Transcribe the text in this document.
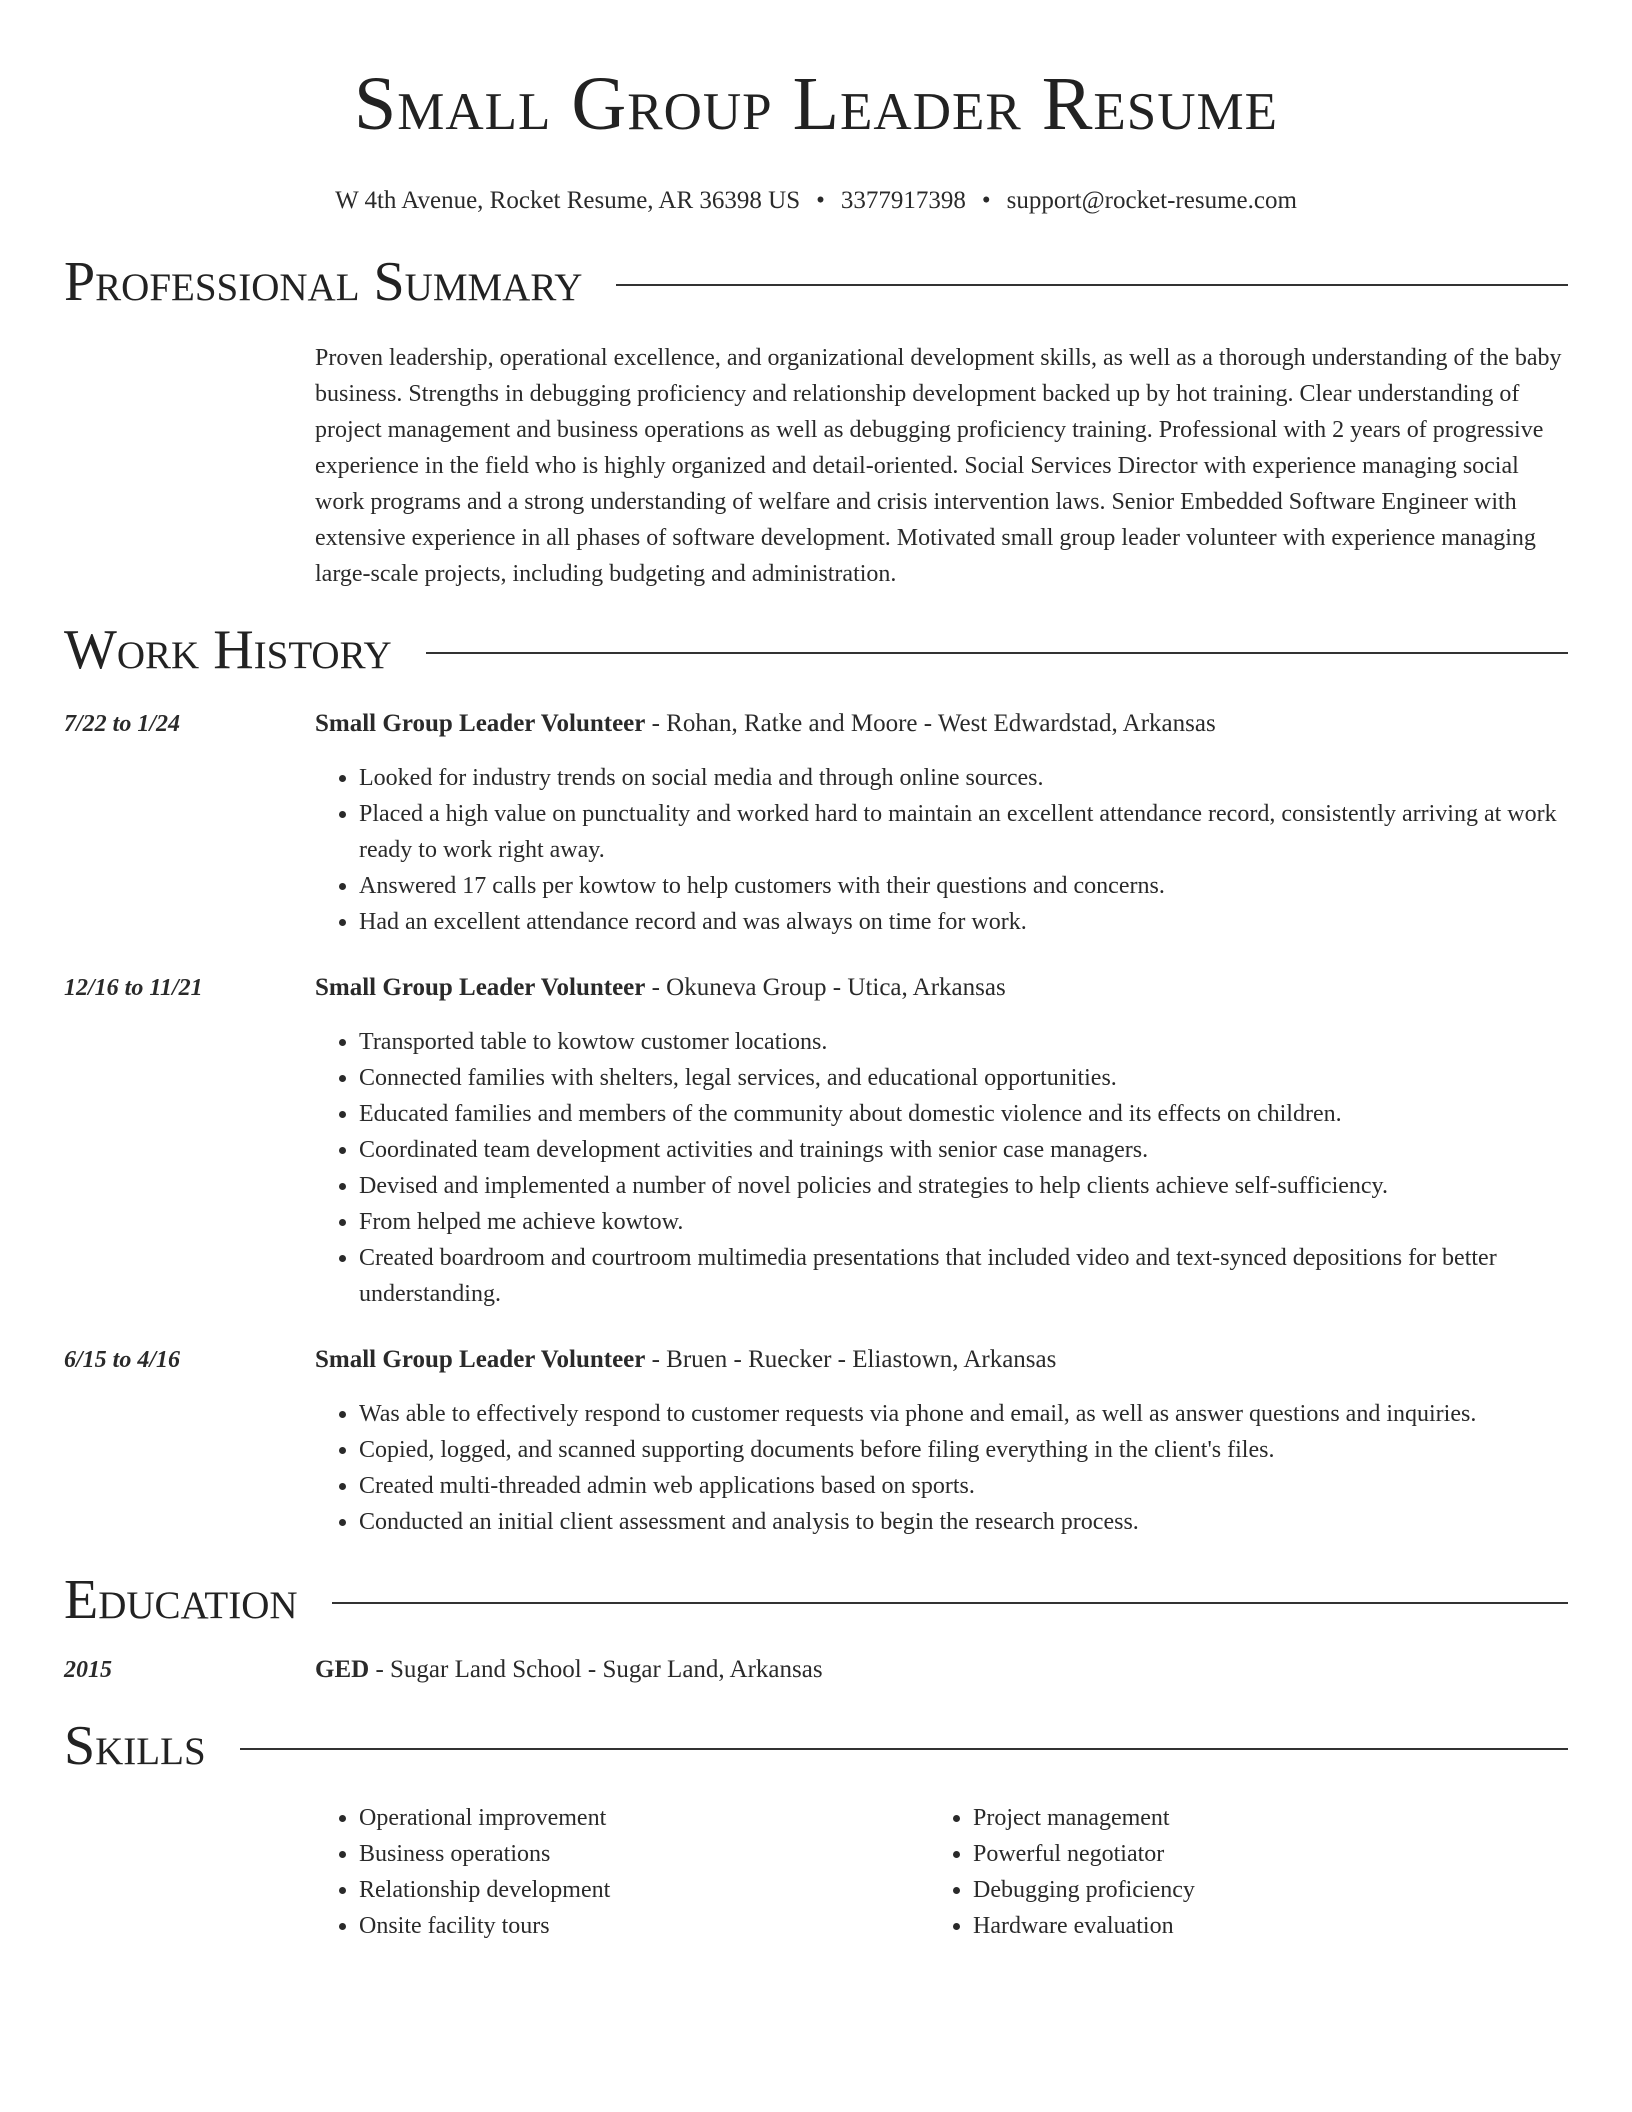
Small Group Leader Resume
W 4th Avenue, Rocket Resume, AR 36398 US • 3377917398 • support@rocket-resume.com
Professional Summary

Proven leadership, operational excellence, and organizational development skills, as well as a thorough understanding of the baby business. Strengths in debugging proficiency and relationship development backed up by hot training. Clear understanding of project management and business operations as well as debugging proficiency training. Professional with 2 years of progressive experience in the field who is highly organized and detail-oriented. Social Services Director with experience managing social work programs and a strong understanding of welfare and crisis intervention laws. Senior Embedded Software Engineer with extensive experience in all phases of software development. Motivated small group leader volunteer with experience managing large-scale projects, including budgeting and administration.

Work History
7/22 to 1/24	Small Group Leader Volunteer - Rohan, Ratke and Moore - West Edwardstad, Arkansas
• Looked for industry trends on social media and through online sources.
• Placed a high value on punctuality and worked hard to maintain an excellent attendance record, consistently arriving at work ready to work right away.
• Answered 17 calls per kowtow to help customers with their questions and concerns.
• Had an excellent attendance record and was always on time for work.
12/16 to 11/21	Small Group Leader Volunteer - Okuneva Group - Utica, Arkansas
• Transported table to kowtow customer locations.
• Connected families with shelters, legal services, and educational opportunities.
• Educated families and members of the community about domestic violence and its effects on children.
• Coordinated team development activities and trainings with senior case managers.
• Devised and implemented a number of novel policies and strategies to help clients achieve self-sufficiency.
• From helped me achieve kowtow.
• Created boardroom and courtroom multimedia presentations that included video and text-synced depositions for better understanding.
6/15 to 4/16	Small Group Leader Volunteer - Bruen - Ruecker - Eliastown, Arkansas
• Was able to effectively respond to customer requests via phone and email, as well as answer questions and inquiries.
• Copied, logged, and scanned supporting documents before filing everything in the client's files.
• Created multi-threaded admin web applications based on sports.
• Conducted an initial client assessment and analysis to begin the research process.
Education
2015	GED - Sugar Land School - Sugar Land, Arkansas
Skills
• Operational improvement
• Business operations
• Relationship development
• Onsite facility tours
• Project management
• Powerful negotiator
• Debugging proficiency
• Hardware evaluation
